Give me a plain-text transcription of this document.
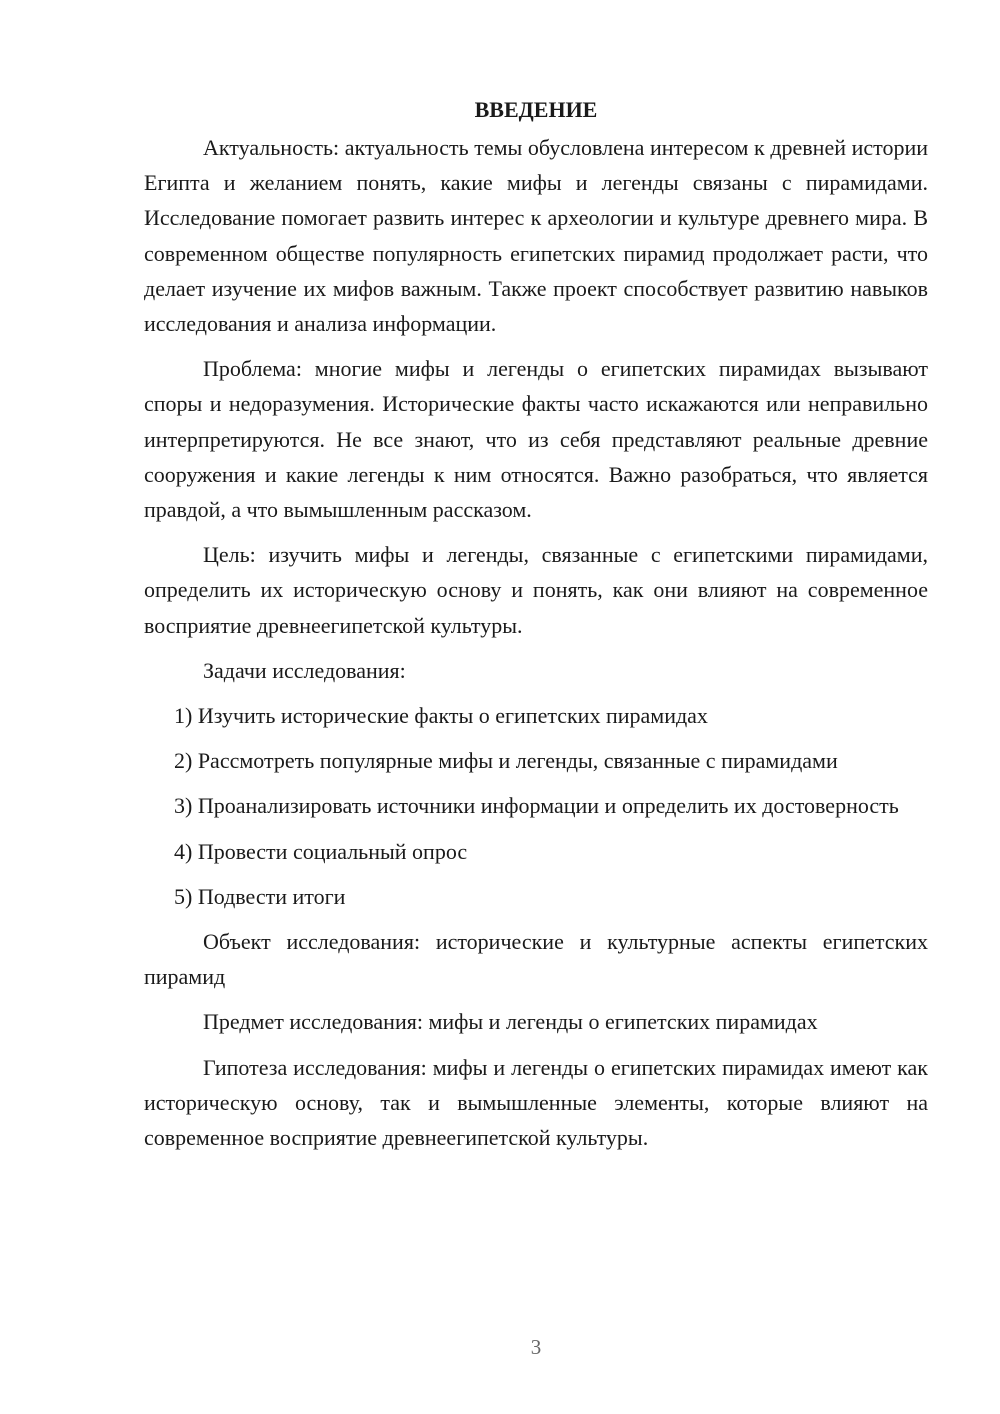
ВВЕДЕНИЕ

Актуальность: актуальность темы обусловлена интересом к древней истории Египта и желанием понять, какие мифы и легенды связаны с пирамидами. Исследование помогает развить интерес к археологии и культуре древнего мира. В современном обществе популярность египетских пирамид продолжает расти, что делает изучение их мифов важным. Также проект способствует развитию навыков исследования и анализа информации.

Проблема: многие мифы и легенды о египетских пирамидах вызывают споры и недоразумения. Исторические факты часто искажаются или неправильно интерпретируются. Не все знают, что из себя представляют реальные древние сооружения и какие легенды к ним относятся. Важно разобраться, что является правдой, а что вымышленным рассказом.

Цель: изучить мифы и легенды, связанные с египетскими пирамидами, определить их историческую основу и понять, как они влияют на современное восприятие древнеегипетской культуры.

Задачи исследования:

1) Изучить исторические факты о египетских пирамидах

2) Рассмотреть популярные мифы и легенды, связанные с пирамидами

3) Проанализировать источники информации и определить их достоверность

4) Провести социальный опрос

5) Подвести итоги

Объект исследования: исторические и культурные аспекты египетских пирамид

Предмет исследования: мифы и легенды о египетских пирамидах

Гипотеза исследования: мифы и легенды о египетских пирамидах имеют как историческую основу, так и вымышленные элементы, которые влияют на современное восприятие древнеегипетской культуры.

3
